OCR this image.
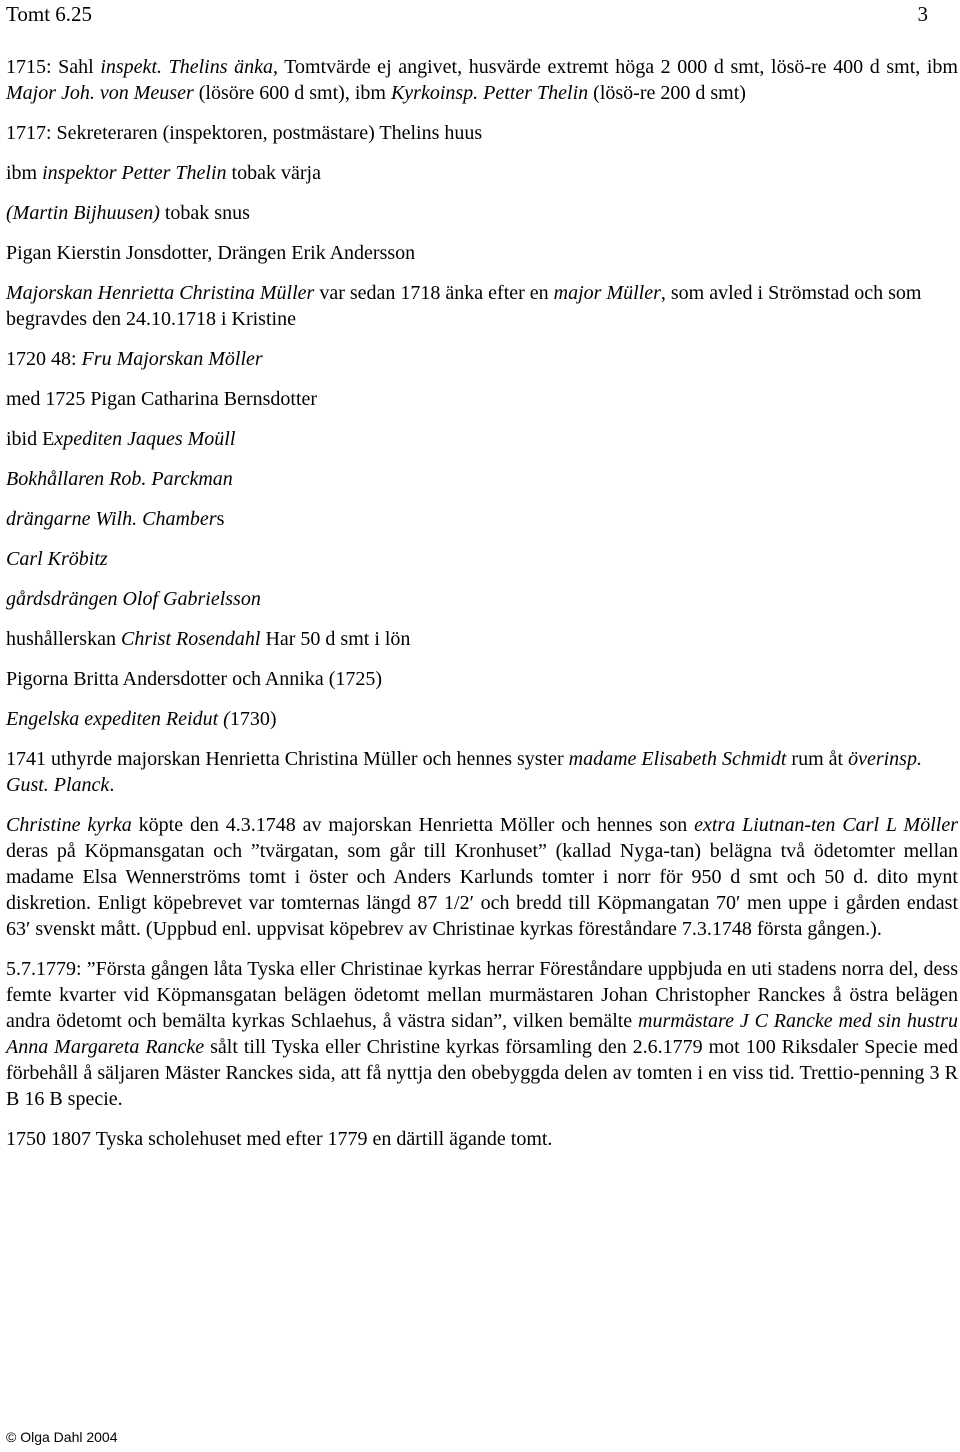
Tomt 6.25	3
1715: Sahl inspekt. Thelins änka, Tomtvärde ej angivet, husvärde extremt höga 2 000 d smt, lösö-re 400 d smt, ibm Major Joh. von Meuser (lösöre 600 d smt), ibm Kyrkoinsp. Petter Thelin (lösö-re 200 d smt)
1717: Sekreteraren (inspektoren, postmästare) Thelins huus
ibm inspektor Petter Thelin tobak värja
(Martin Bijhuusen) tobak snus
Pigan Kierstin Jonsdotter, Drängen Erik Andersson
Majorskan Henrietta Christina Müller var sedan 1718 änka efter en major Müller, som avled i Strömstad och som begravdes den 24.10.1718 i Kristine
1720 48: Fru Majorskan Möller
med 1725 Pigan Catharina Bernsdotter
ibid Expediten Jaques Moüll
Bokhållaren Rob. Parckman
drängarne Wilh. Chambers
Carl Kröbitz
gårdsdrängen Olof Gabrielsson
hushållerskan Christ Rosendahl Har 50 d smt i lön
Pigorna Britta Andersdotter och Annika (1725)
Engelska expediten Reidut (1730)
1741 uthyrde majorskan Henrietta Christina Müller och hennes syster madame Elisabeth Schmidt rum åt överinsp. Gust. Planck.
Christine kyrka köpte den 4.3.1748 av majorskan Henrietta Möller och hennes son extra Liutnan-ten Carl L Möller deras på Köpmansgatan och ”tvärgatan, som går till Kronhuset” (kallad Nyga-tan) belägna två ödetomter mellan madame Elsa Wennerströms tomt i öster och Anders Karlunds tomter i norr för 950 d smt och 50 d. dito mynt diskretion. Enligt köpebrevet var tomternas längd 87 1/2′ och bredd till Köpmangatan 70′ men uppe i gården endast 63′ svenskt mått. (Uppbud enl. uppvisat köpebrev av Christinae kyrkas föreståndare 7.3.1748 första gången.).
5.7.1779: ”Första gången låta Tyska eller Christinae kyrkas herrar Föreståndare uppbjuda en uti stadens norra del, dess femte kvarter vid Köpmansgatan belägen ödetomt mellan murmästaren Johan Christopher Ranckes å östra belägen andra ödetomt och bemälta kyrkas Schlaehus, å västra sidan”, vilken bemälte murmästare J C Rancke med sin hustru Anna Margareta Rancke sålt till Tyska eller Christine kyrkas församling den 2.6.1779 mot 100 Riksdaler Specie med förbehåll å säljaren Mäster Ranckes sida, att få nyttja den obebyggda delen av tomten i en viss tid. Trettio-penning 3 R B 16 B specie.
1750 1807 Tyska scholehuset med efter 1779 en därtill ägande tomt.
© Olga Dahl 2004
